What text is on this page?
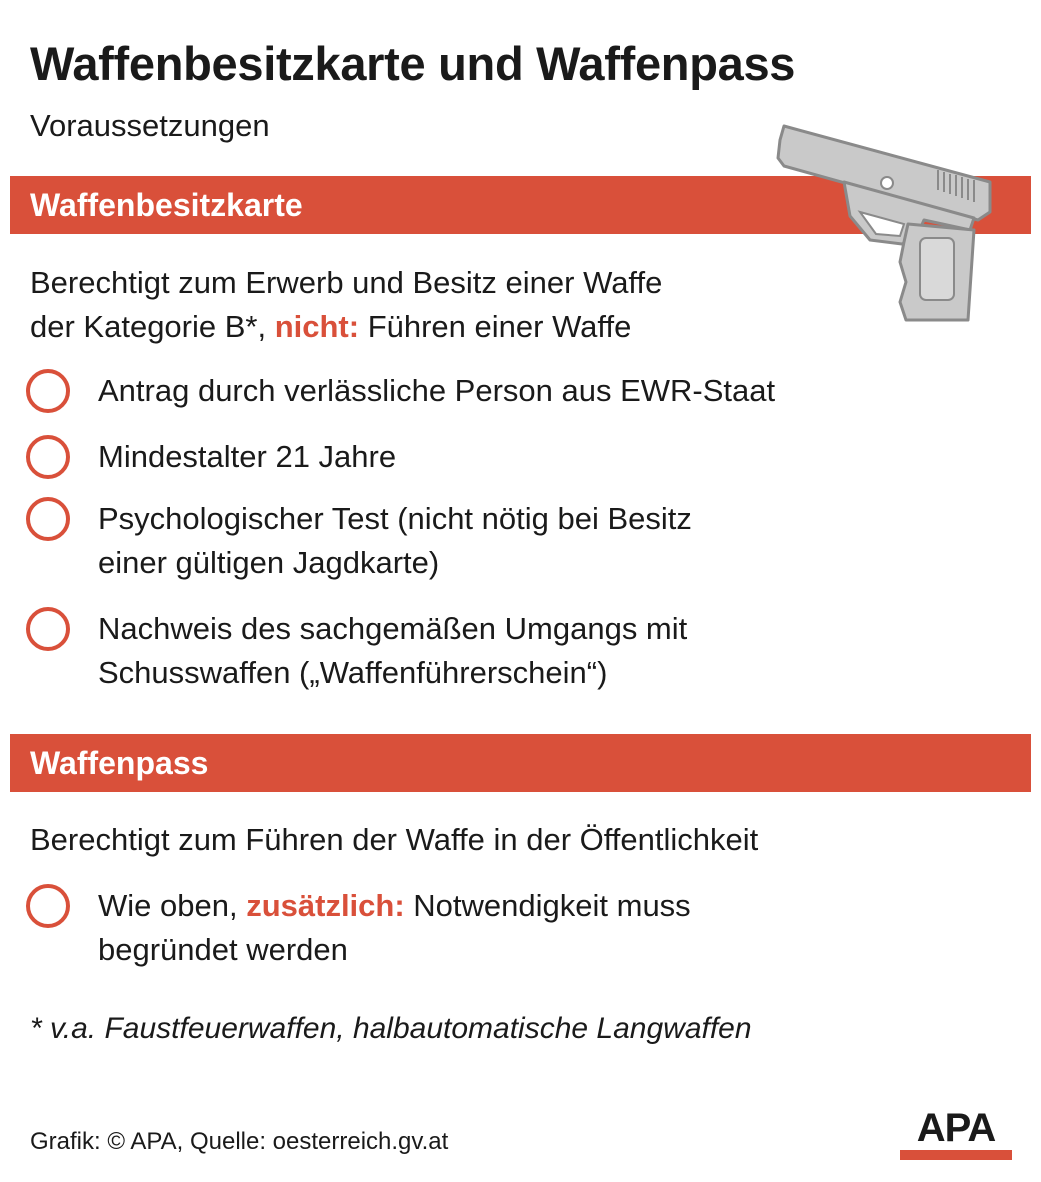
Waffenbesitzkarte und Waffenpass
Voraussetzungen
Waffenbesitzkarte
Berechtigt zum Erwerb und Besitz einer Waffe
der Kategorie B*, nicht: Führen einer Waffe
Antrag durch verlässliche Person aus EWR-Staat
Mindestalter 21 Jahre
Psychologischer Test (nicht nötig bei Besitz
einer gültigen Jagdkarte)
Nachweis des sachgemäßen Umgangs mit
Schusswaffen („Waffenführerschein“)
Waffenpass
Berechtigt zum Führen der Waffe in der Öffentlichkeit
Wie oben, zusätzlich: Notwendigkeit muss
begründet werden
* v.a. Faustfeuerwaffen, halbautomatische Langwaffen
Grafik: © APA, Quelle: oesterreich.gv.at	APA
